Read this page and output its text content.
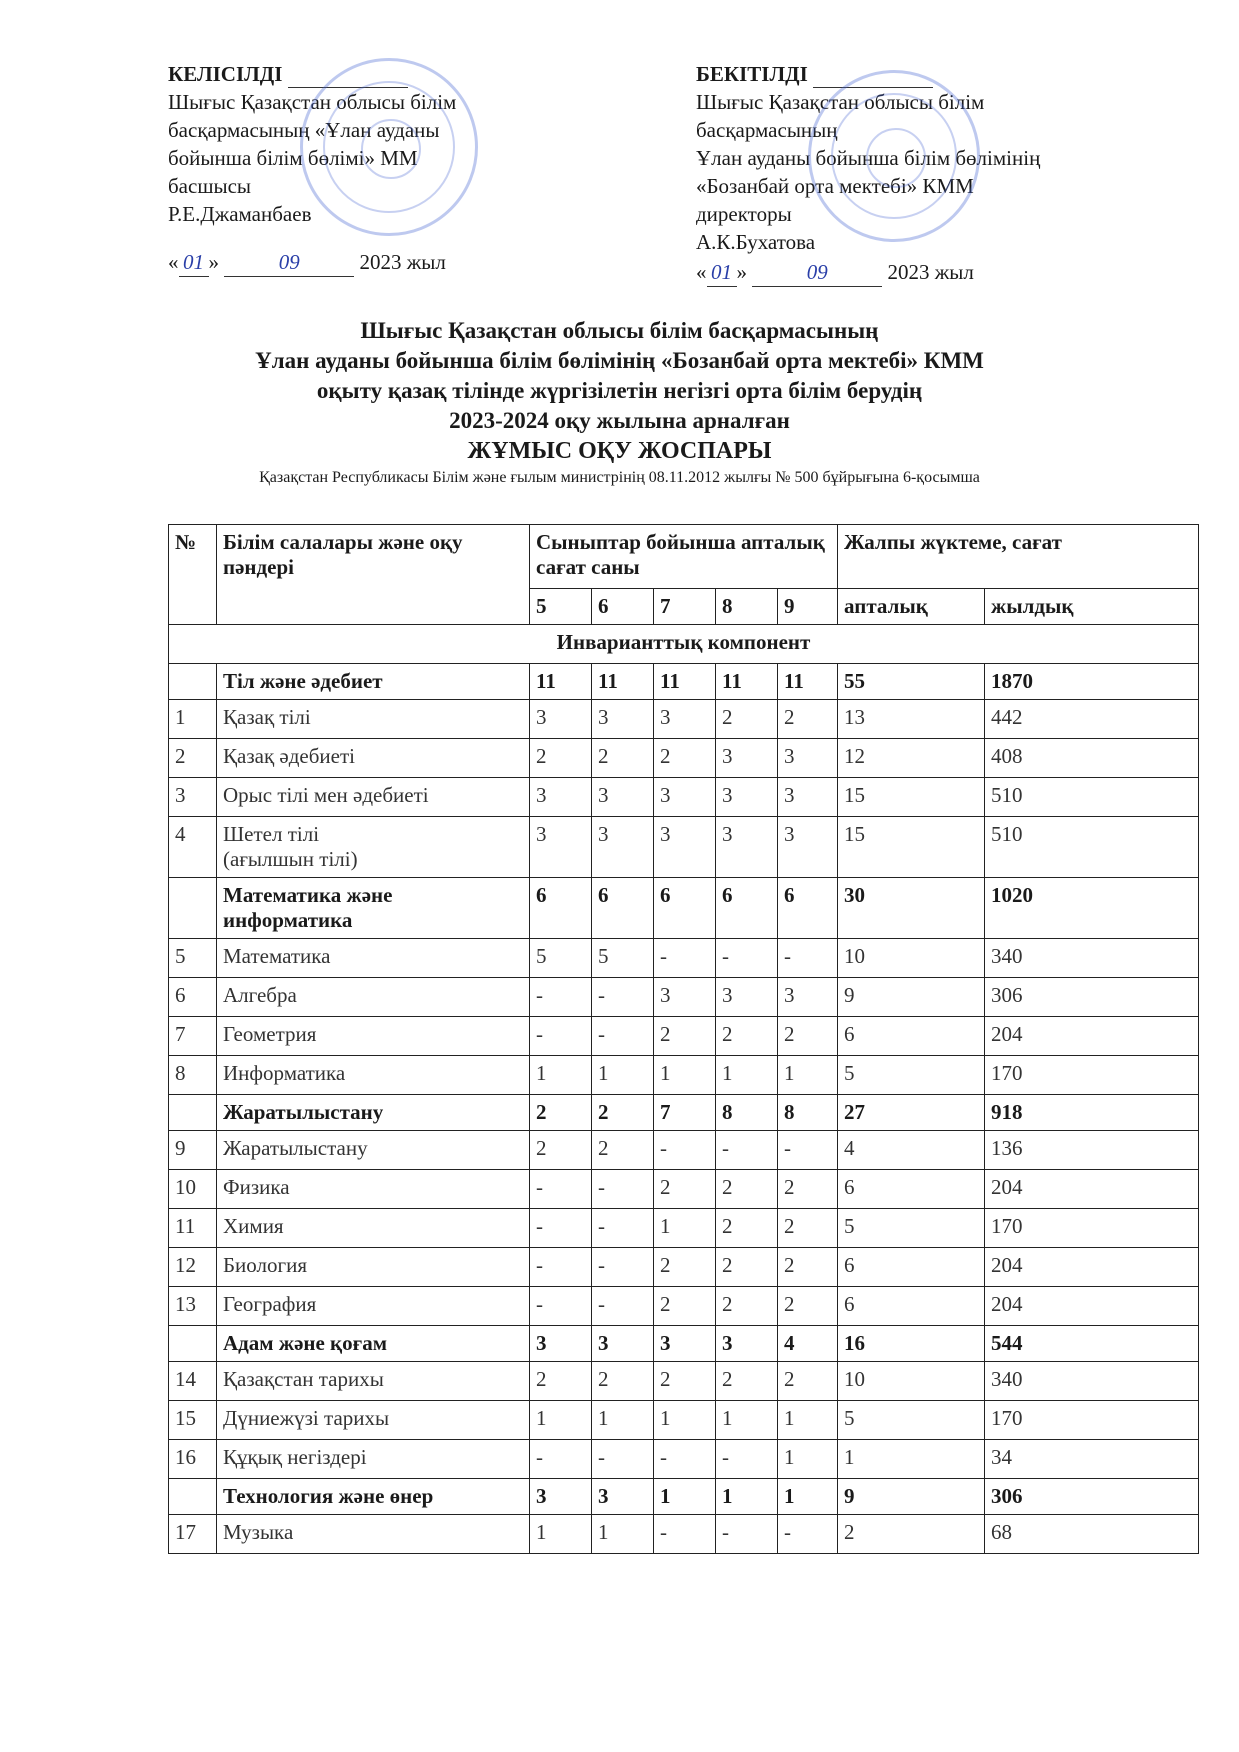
КЕЛІСІЛДІ
Шығыс Қазақстан облысы білім
басқармасының «Ұлан ауданы
бойынша білім бөлімі» ММ
басшысы
Р.Е.Джаманбаев
« 01 »	09	2023 жыл
БЕКІТІЛДІ
Шығыс Қазақстан облысы білім
басқармасының
Ұлан ауданы бойынша білім бөлімінің
«Бозанбай орта мектебі» КММ
директоры
А.К.Бухатова
« 01 »	09	2023 жыл
Шығыс Қазақстан облысы білім басқармасының
Ұлан ауданы бойынша білім бөлімінің «Бозанбай орта мектебі» КММ
оқыту қазақ тілінде жүргізілетін негізгі орта білім берудің
2023-2024 оқу жылына арналған
ЖҰМЫС ОҚУ ЖОСПАРЫ
Қазақстан Республикасы Білім және ғылым министрінің 08.11.2012 жылғы № 500 бұйрығына 6-қосымша
№	Білім салалары және оқу пәндері	Сыныптар бойынша апталық сағат саны					Жалпы жүктеме, сағат	
		5	6	7	8	9	апталық	жылдық
Инварианттық компонент								

	Тіл және әдебиет	11	11	11	11	11	55	1870
1	Қазақ тілі	3	3	3	2	2	13	442
2	Қазақ әдебиеті	2	2	2	3	3	12	408
3	Орыс тілі мен әдебиеті	3	3	3	3	3	15	510
4	Шетел тілі
(ағылшын тілі)	3	3	3	3	3	15	510

	Математика және
информатика	6	6	6	6	6	30	1020
5	Математика	5	5	-	-	-	10	340
6	Алгебра	-	-	3	3	3	9	306
7	Геометрия	-	-	2	2	2	6	204
8	Информатика	1	1	1	1	1	5	170

	Жаратылыстану	2	2	7	8	8	27	918
9	Жаратылыстану	2	2	-	-	-	4	136
10	Физика	-	-	2	2	2	6	204
11	Химия	-	-	1	2	2	5	170
12	Биология	-	-	2	2	2	6	204
13	География	-	-	2	2	2	6	204

	Адам және қоғам	3	3	3	3	4	16	544
14	Қазақстан тарихы	2	2	2	2	2	10	340
15	Дүниежүзі тарихы	1	1	1	1	1	5	170
16	Құқық негіздері	-	-	-	-	1	1	34

	Технология және өнер	3	3	1	1	1	9	306
17	Музыка	1	1	-	-	-	2	68
